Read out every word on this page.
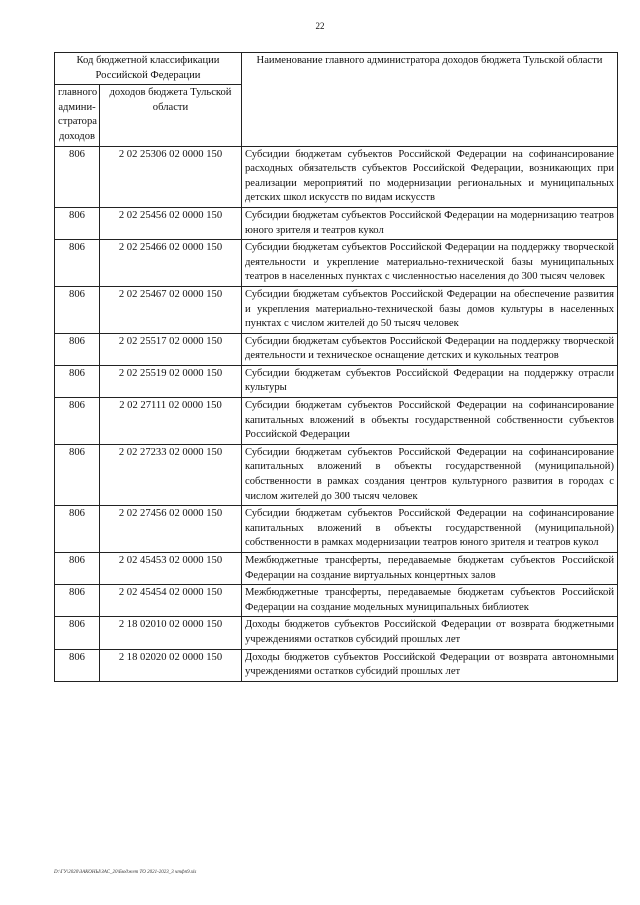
22
Код бюджетной классификации Российской Федерации		Наименование главного администратора доходов бюджета Тульской области
главного админи-стратора доходов	доходов бюджета Тульской области	
806	2 02 25306 02 0000 150	Субсидии бюджетам субъектов Российской Федерации на софинансирование расходных обязательств субъектов Российской Федерации, возникающих при реализации мероприятий по модернизации региональных и муниципальных детских школ искусств по видам искусств
806	2 02 25456 02 0000 150	Субсидии бюджетам субъектов Российской Федерации на модернизацию театров юного зрителя и театров кукол
806	2 02 25466 02 0000 150	Субсидии бюджетам субъектов Российской Федерации на поддержку творческой деятельности и укрепление материально-технической базы муниципальных театров в населенных пунктах с численностью населения до 300 тысяч человек
806	2 02 25467 02 0000 150	Субсидии бюджетам субъектов Российской Федерации на обеспечение развития и укрепления материально-технической базы домов культуры в населенных пунктах с числом жителей до 50 тысяч человек
806	2 02 25517 02 0000 150	Субсидии бюджетам субъектов Российской Федерации на поддержку творческой деятельности и техническое оснащение детских и кукольных театров
806	2 02 25519 02 0000 150	Субсидии бюджетам субъектов Российской Федерации на поддержку отрасли культуры
806	2 02 27111 02 0000 150	Субсидии бюджетам субъектов Российской Федерации на софинансирование капитальных вложений в объекты государственной собственности субъектов Российской Федерации
806	2 02 27233 02 0000 150	Субсидии бюджетам субъектов Российской Федерации на софинансирование капитальных вложений в объекты государственной (муниципальной) собственности в рамках создания центров культурного развития в городах с числом жителей до 300 тысяч человек
806	2 02 27456 02 0000 150	Субсидии бюджетам субъектов Российской Федерации на софинансирование капитальных вложений в объекты государственной (муниципальной) собственности в рамках модернизации театров юного зрителя и театров кукол
806	2 02 45453 02 0000 150	Межбюджетные трансферты, передаваемые бюджетам субъектов Российской Федерации на создание виртуальных концертных залов
806	2 02 45454 02 0000 150	Межбюджетные трансферты, передаваемые бюджетам субъектов Российской Федерации на создание модельных муниципальных библиотек
806	2 18 02010 02 0000 150	Доходы бюджетов субъектов Российской Федерации от возврата бюджетными учреждениями остатков субсидий прошлых лет
806	2 18 02020 02 0000 150	Доходы бюджетов субъектов Российской Федерации от возврата автономными учреждениями остатков субсидий прошлых лет
D:\ГУ\2020\ЗАКОНЫ\ЗАС_20\Бюджет ТО 2021-2023_3 чтфп9.xls
